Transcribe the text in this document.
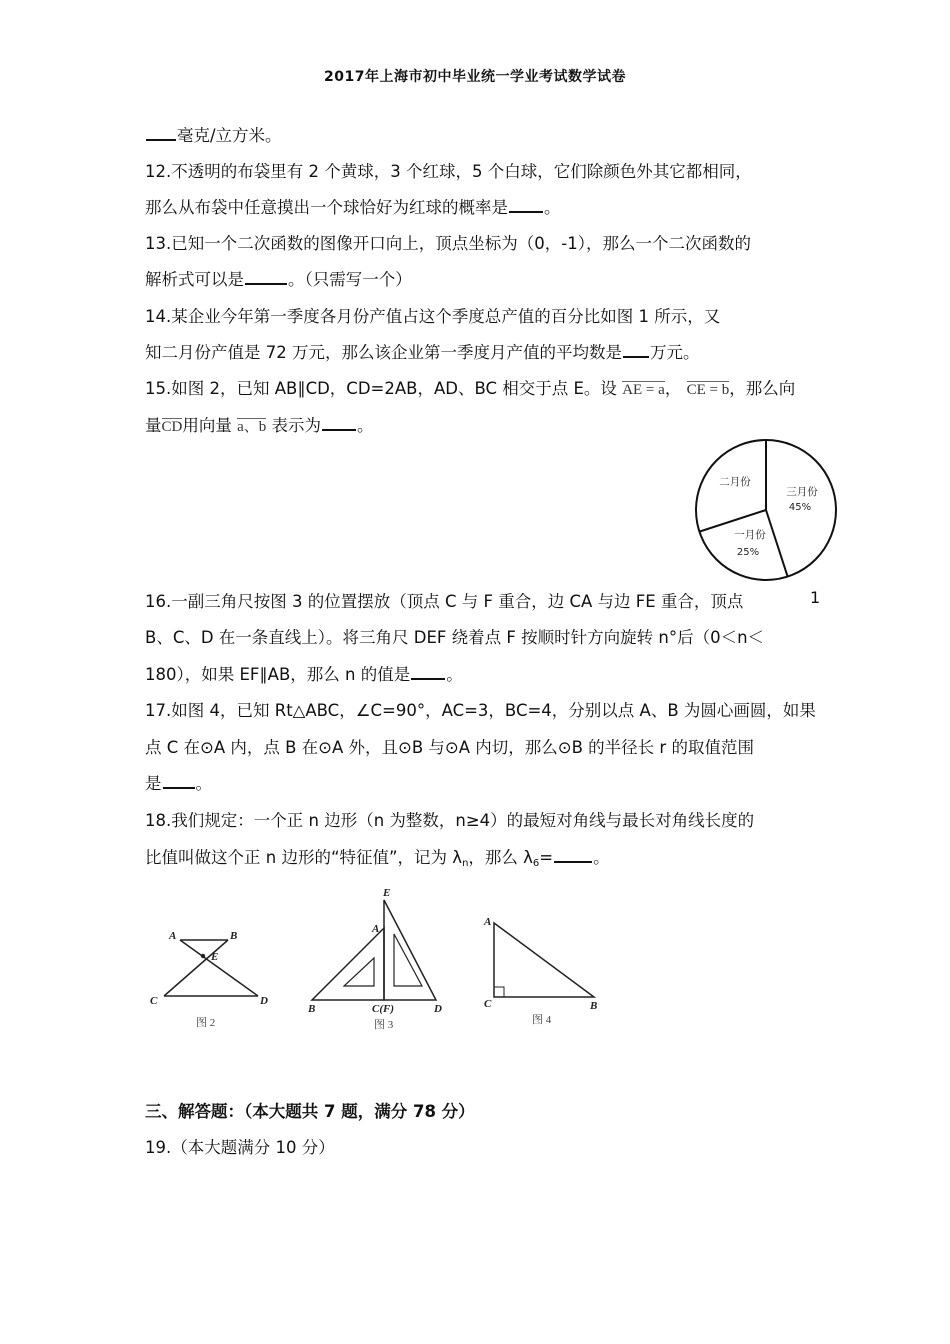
2017年上海市初中毕业统一学业考试数学试卷
毫克/立方米。
12.不透明的布袋里有 2 个黄球，3 个红球，5 个白球，它们除颜色外其它都相同，
那么从布袋中任意摸出一个球恰好为红球的概率是 。
13.已知一个二次函数的图像开口向上，顶点坐标为（0，-1），那么一个二次函数的
解析式可以是	。（只需写一个）
14.某企业今年第一季度各月份产值占这个季度总产值的百分比如图 1 所示，又
知二月份产值是 72 万元，那么该企业第一季度月产值的平均数是 万元。
15.如图 2，已知 AB∥CD，CD=2AB，AD、BC 相交于点 E。设 AE = a， CE = b，那么向
量CD用向量 a、b 表示为 。
三月份
45%
一月份
25%
二月份
1
16.一副三角尺按图 3 的位置摆放（顶点 C 与 F 重合，边 CA 与边 FE 重合，顶点
B、C、D 在一条直线上）。将三角尺 DEF 绕着点 F 按顺时针方向旋转 n°后（0＜n＜
180），如果 EF∥AB，那么 n 的值是 。
17.如图 4，已知 Rt△ABC，∠C=90°，AC=3，BC=4，分别以点 A、B 为圆心画圆，如果
点 C 在⊙A 内，点 B 在⊙A 外，且⊙B 与⊙A 内切，那么⊙B 的半径长 r 的取值范围
是 。
18.我们规定：一个正 n 边形（n 为整数，n≥4）的最短对角线与最长对角线长度的
比值叫做这个正 n 边形的“特征值”，记为 $\lambda_n$，那么 $\lambda_6=$ 。
A	B
E
C	D
图 2
E
A
B	C(F)	D
图 3
A
C	B
图 4
三、解答题：（本大题共 7 题，满分 78 分）
19.（本大题满分 10 分）
